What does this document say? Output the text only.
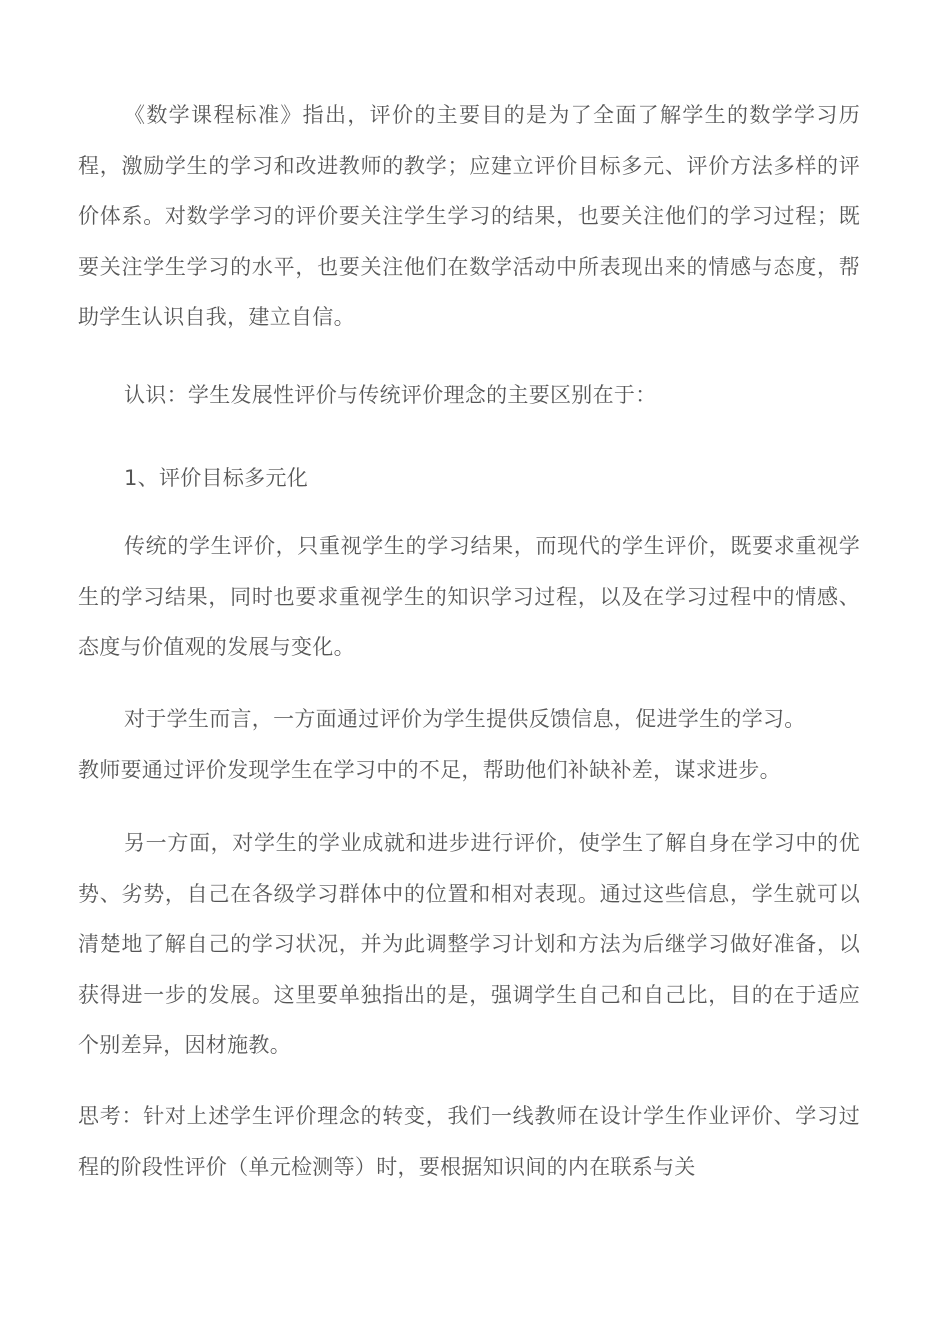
《数学课程标准》指出，评价的主要目的是为了全面了解学生的数学学习历程，激励学生的学习和改进教师的教学；应建立评价目标多元、评价方法多样的评价体系。对数学学习的评价要关注学生学习的结果，也要关注他们的学习过程；既要关注学生学习的水平，也要关注他们在数学活动中所表现出来的情感与态度，帮助学生认识自我，建立自信。

认识：学生发展性评价与传统评价理念的主要区别在于：

1、评价目标多元化

传统的学生评价，只重视学生的学习结果，而现代的学生评价，既要求重视学生的学习结果，同时也要求重视学生的知识学习过程，以及在学习过程中的情感、态度与价值观的发展与变化。

对于学生而言，一方面通过评价为学生提供反馈信息，促进学生的学习。
教师要通过评价发现学生在学习中的不足，帮助他们补缺补差，谋求进步。

另一方面，对学生的学业成就和进步进行评价，使学生了解自身在学习中的优势、劣势，自己在各级学习群体中的位置和相对表现。通过这些信息，学生就可以清楚地了解自己的学习状况，并为此调整学习计划和方法为后继学习做好准备，以获得进一步的发展。这里要单独指出的是，强调学生自己和自己比，目的在于适应个别差异，因材施教。

思考：针对上述学生评价理念的转变，我们一线教师在设计学生作业评价、学习过程的阶段性评价（单元检测等）时，要根据知识间的内在联系与关
